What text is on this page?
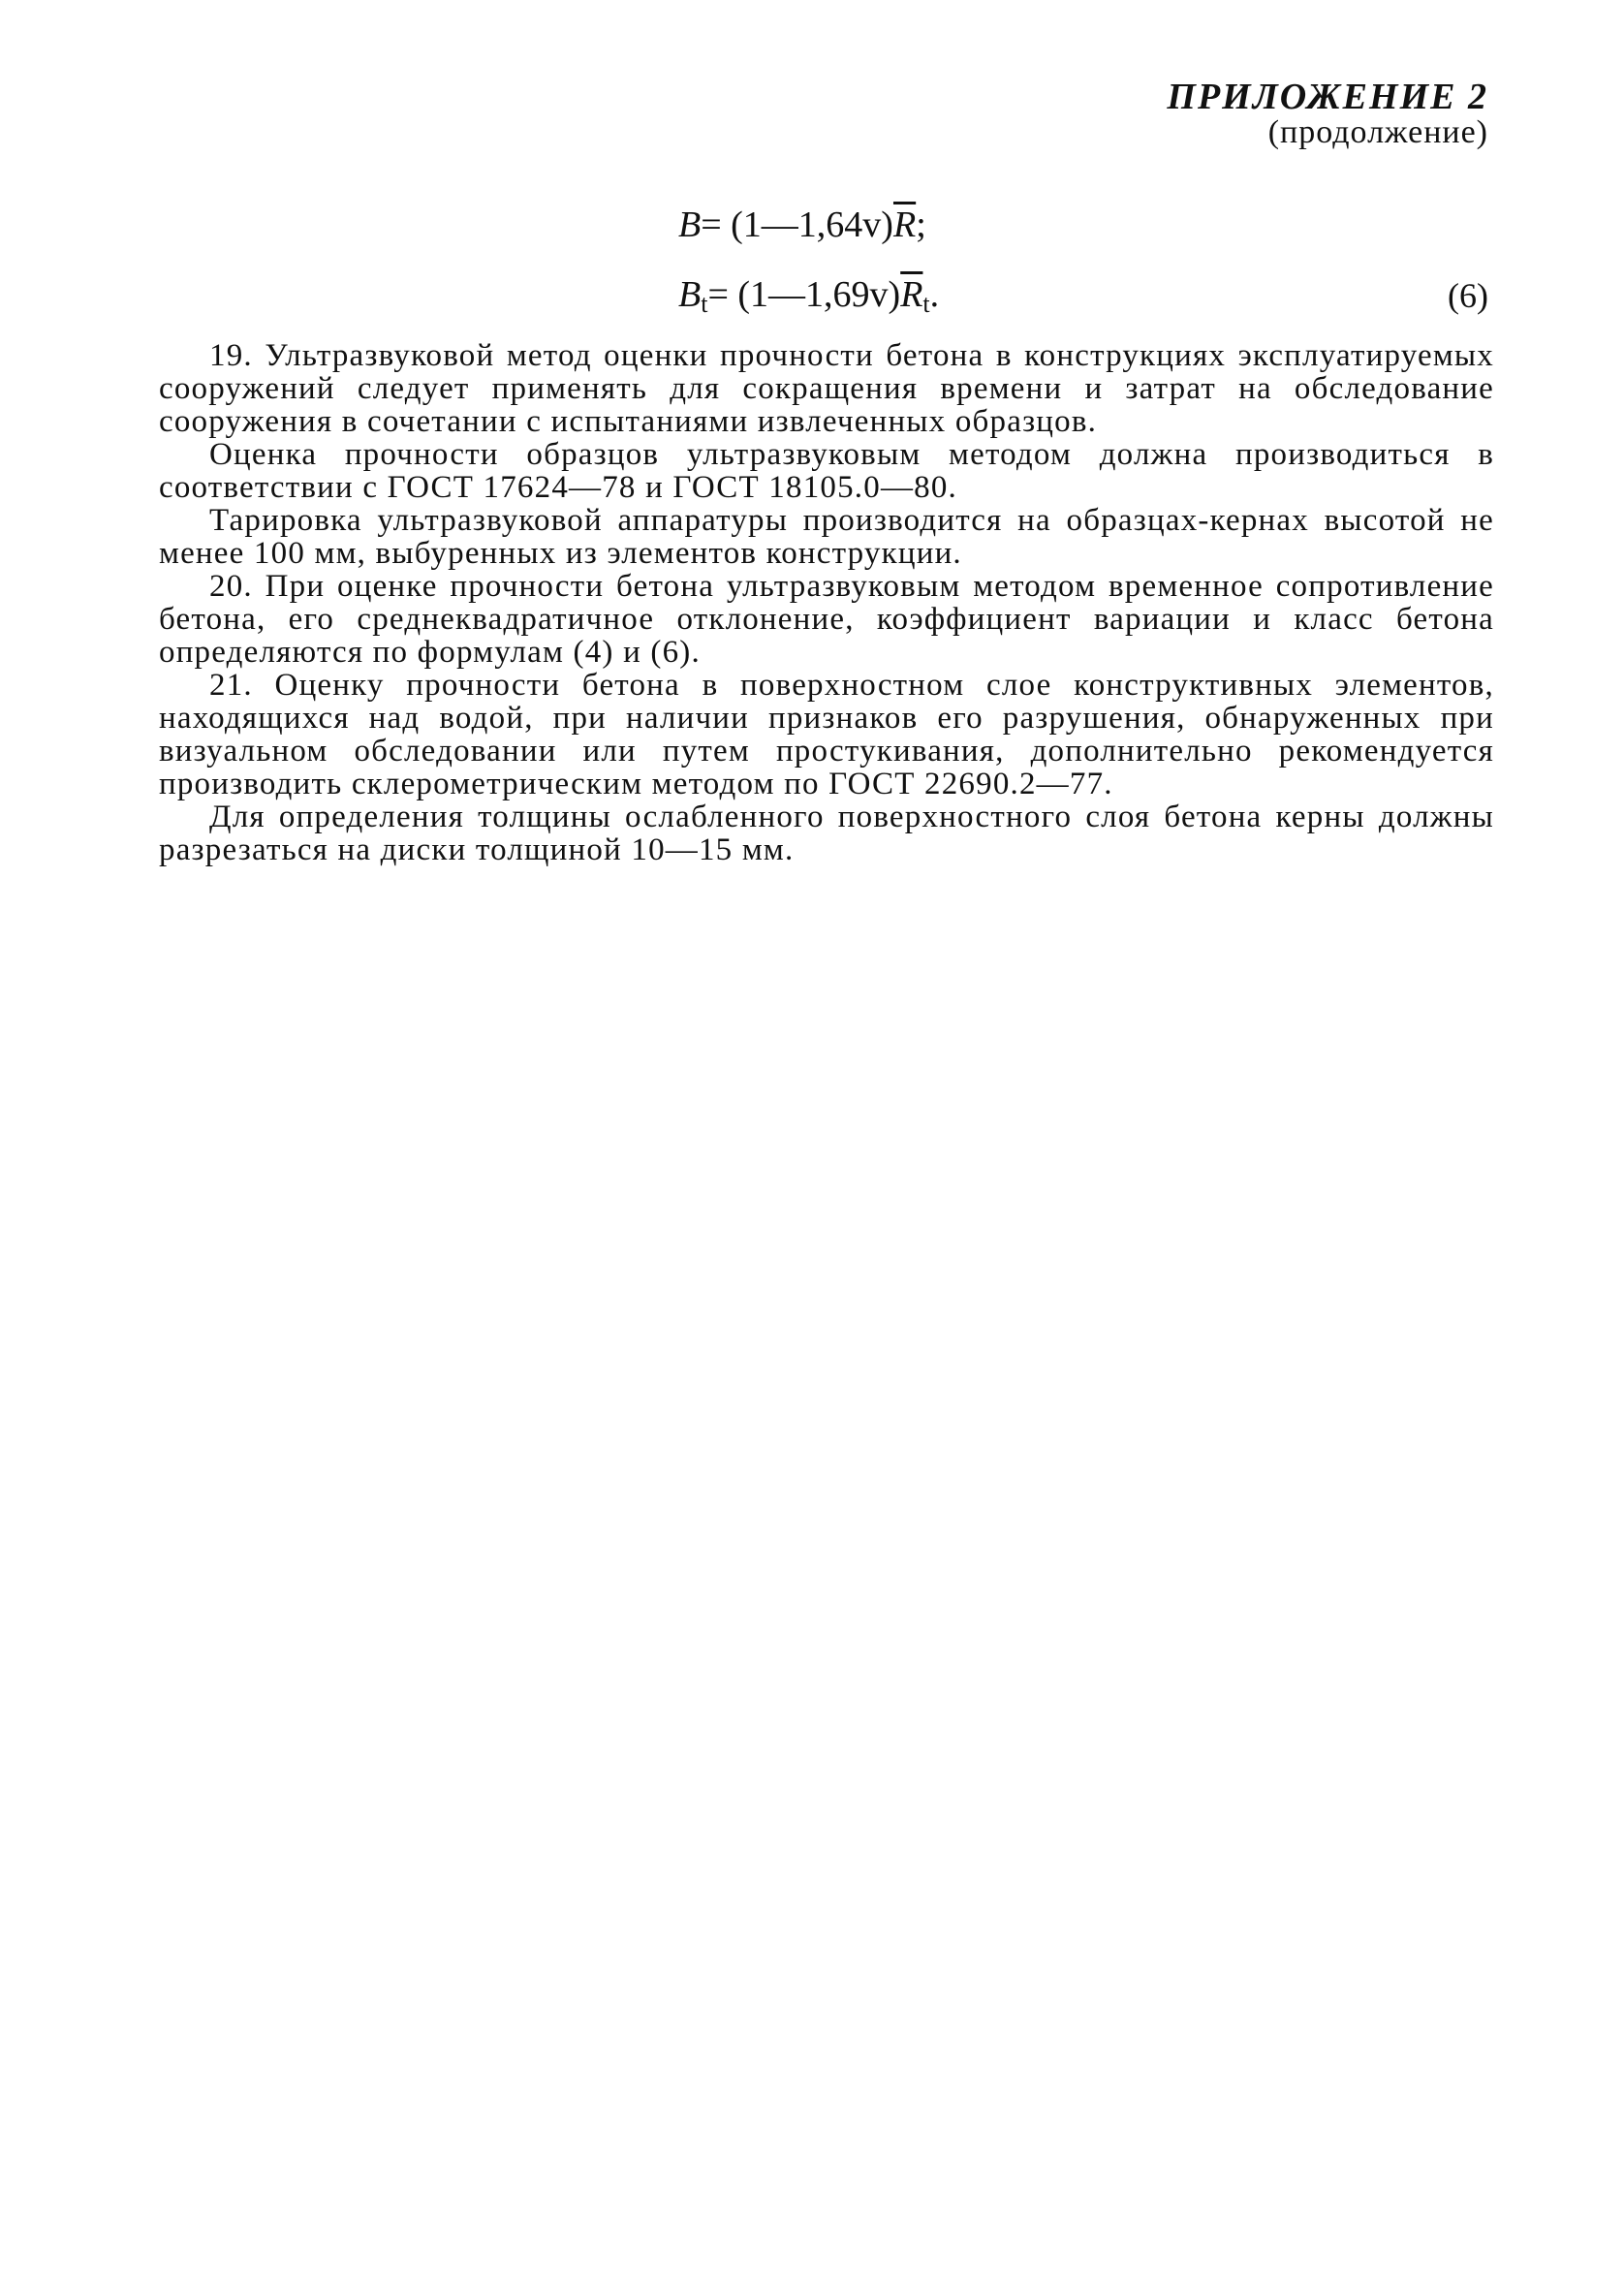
ПРИЛОЖЕНИЕ 2
(продолжение)
$B= (1—1,64v)\overline{R}$;
$B_t=$ $(1—1,69v)\overline{R}_t$.	(6)

19. Ультразвуковой метод оценки прочности бетона в конструкциях эксплуатируемых сооружений следует применять для сокращения времени и затрат на обследование сооружения в сочетании с испытаниями извлеченных образцов.

Оценка прочности образцов ультразвуковым методом должна производиться в соответствии с ГОСТ 17624—78 и ГОСТ 18105.0—80.

Тарировка ультразвуковой аппаратуры производится на образцах-кернах высотой не менее 100 мм, выбуренных из элементов конструкции.

20. При оценке прочности бетона ультразвуковым методом временное сопротивление бетона, его среднеквадратичное отклонение, коэффициент вариации и класс бетона определяются по формулам (4) и (6).

21. Оценку прочности бетона в поверхностном слое конструктивных элементов, находящихся над водой, при наличии признаков его разрушения, обнаруженных при визуальном обследовании или путем простукивания, дополнительно рекомендуется производить склерометрическим методом по ГОСТ 22690.2—77.

Для определения толщины ослабленного поверхностного слоя бетона керны должны разрезаться на диски толщиной 10—15 мм.
